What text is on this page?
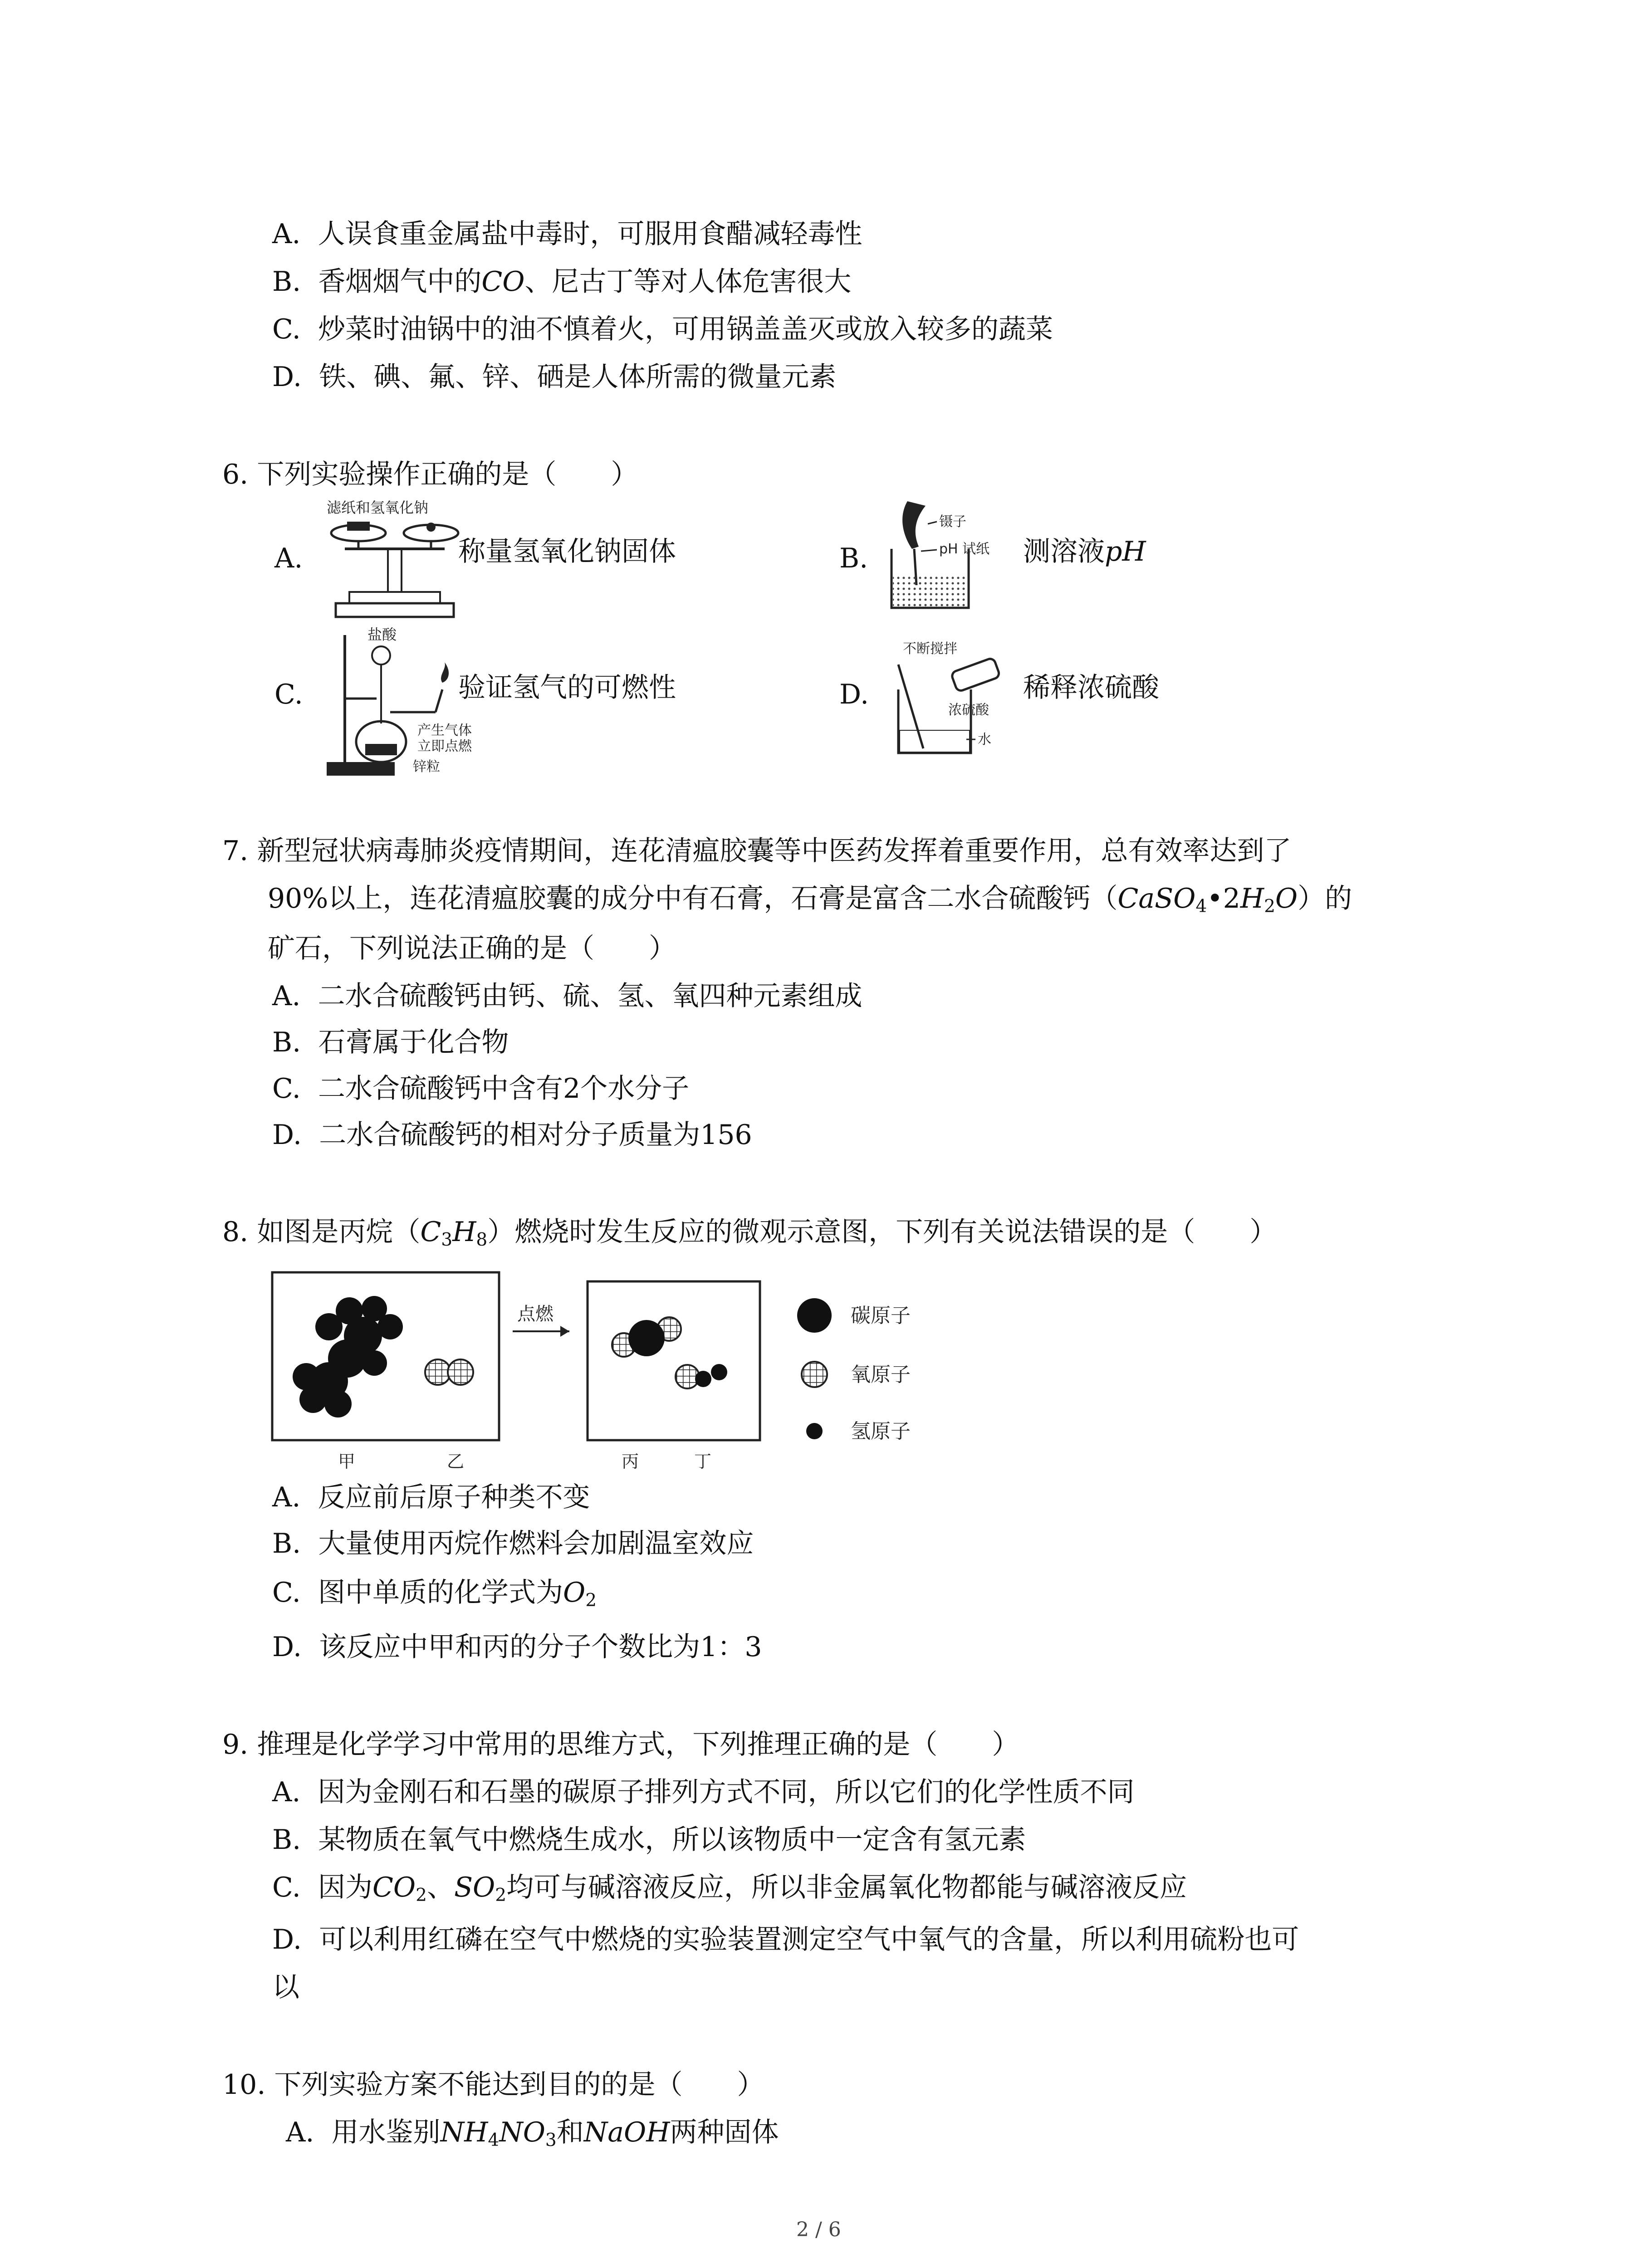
A. 人误食重金属盐中毒时，可服用食醋减轻毒性
B. 香烟烟气中的CO、尼古丁等对人体危害很大
C. 炒菜时油锅中的油不慎着火，可用锅盖盖灭或放入较多的蔬菜
D. 铁、碘、氟、锌、硒是人体所需的微量元素
6. 下列实验操作正确的是（　　）
A.
滤纸和氢氧化钠
称量氢氧化钠固体	B.
镊子
pH 试纸 测溶液pH
C.
盐酸
产生气体
立即点燃
锌粒
验证氢气的可燃性	D.
不断搅拌
浓硫酸
水
稀释浓硫酸
7. 新型冠状病毒肺炎疫情期间，连花清瘟胶囊等中医药发挥着重要作用，总有效率达到了
90%以上，连花清瘟胶囊的成分中有石膏，石膏是富含二水合硫酸钙$(CaSO_4•2H_2O)$的
矿石，下列说法正确的是（　　）
A. 二水合硫酸钙由钙、硫、氢、氧四种元素组成
B. 石膏属于化合物
C. 二水合硫酸钙中含有2个水分子
D. 二水合硫酸钙的相对分子质量为156
8. 如图是丙烷$(C_3H_8)$燃烧时发生反应的微观示意图，下列有关说法错误的是（　　）
点燃
甲	乙	丙	丁
碳原子
氧原子
氢原子
A. 反应前后原子种类不变
B. 大量使用丙烷作燃料会加剧温室效应
C. 图中单质的化学式为$O_2$
D. 该反应中甲和丙的分子个数比为1：3
9. 推理是化学学习中常用的思维方式，下列推理正确的是（　　）
A. 因为金刚石和石墨的碳原子排列方式不同，所以它们的化学性质不同
B. 某物质在氧气中燃烧生成水，所以该物质中一定含有氢元素
C. 因为$CO_2$、$SO_2$均可与碱溶液反应，所以非金属氧化物都能与碱溶液反应
D. 可以利用红磷在空气中燃烧的实验装置测定空气中氧气的含量，所以利用硫粉也可
以
10. 下列实验方案不能达到目的的是（　　）
A. 用水鉴别$NH_4NO_3$和NaOH两种固体
2 / 6
